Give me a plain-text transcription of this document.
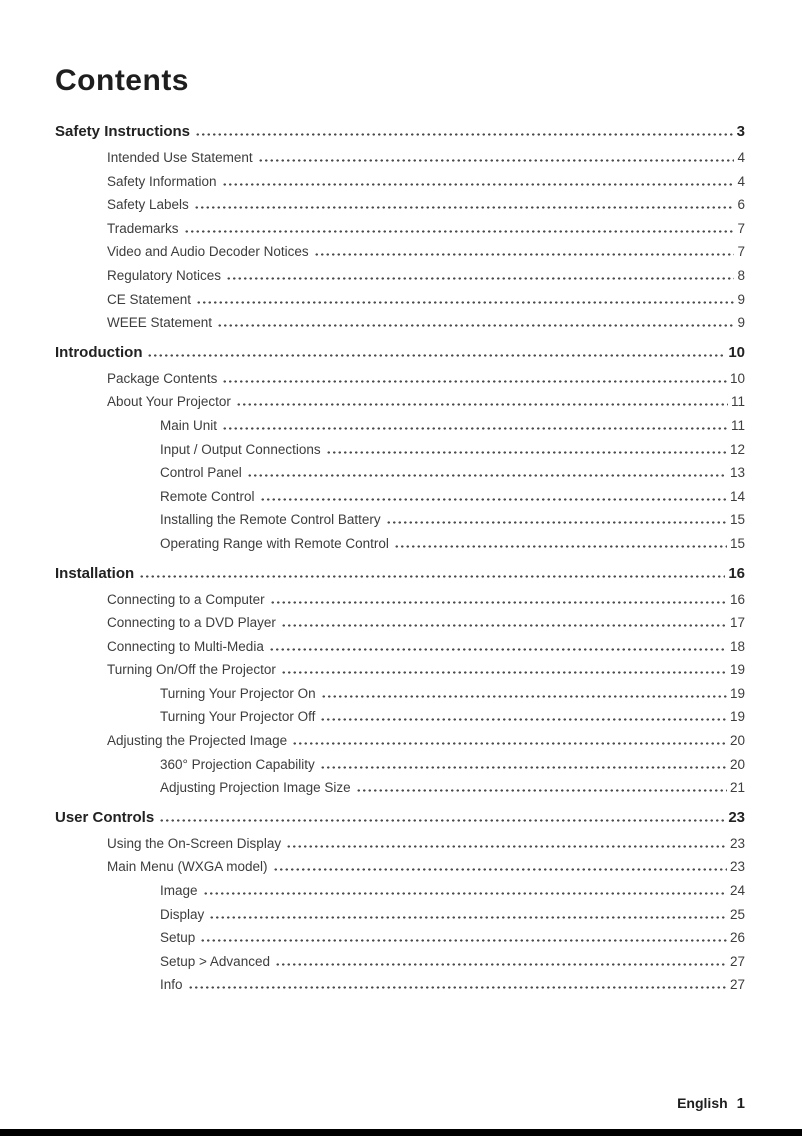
Contents
Safety Instructions	3
Intended Use Statement	4
Safety Information	4
Safety Labels	6
Trademarks	7
Video and Audio Decoder Notices	7
Regulatory Notices	8
CE Statement	9
WEEE Statement	9
Introduction	10
Package Contents	10
About Your Projector	11
Main Unit	11
Input / Output Connections	12
Control Panel	13
Remote Control	14
Installing the Remote Control Battery	15
Operating Range with Remote Control	15
Installation	16
Connecting to a Computer	16
Connecting to a DVD Player	17
Connecting to Multi-Media	18
Turning On/Off the Projector	19
Turning Your Projector On	19
Turning Your Projector Off	19
Adjusting the Projected Image	20
360° Projection Capability	20
Adjusting Projection Image Size	21
User Controls	23
Using the On-Screen Display	23
Main Menu (WXGA model)	23
Image	24
Display	25
Setup	26
Setup > Advanced	27
Info	27
English 1
